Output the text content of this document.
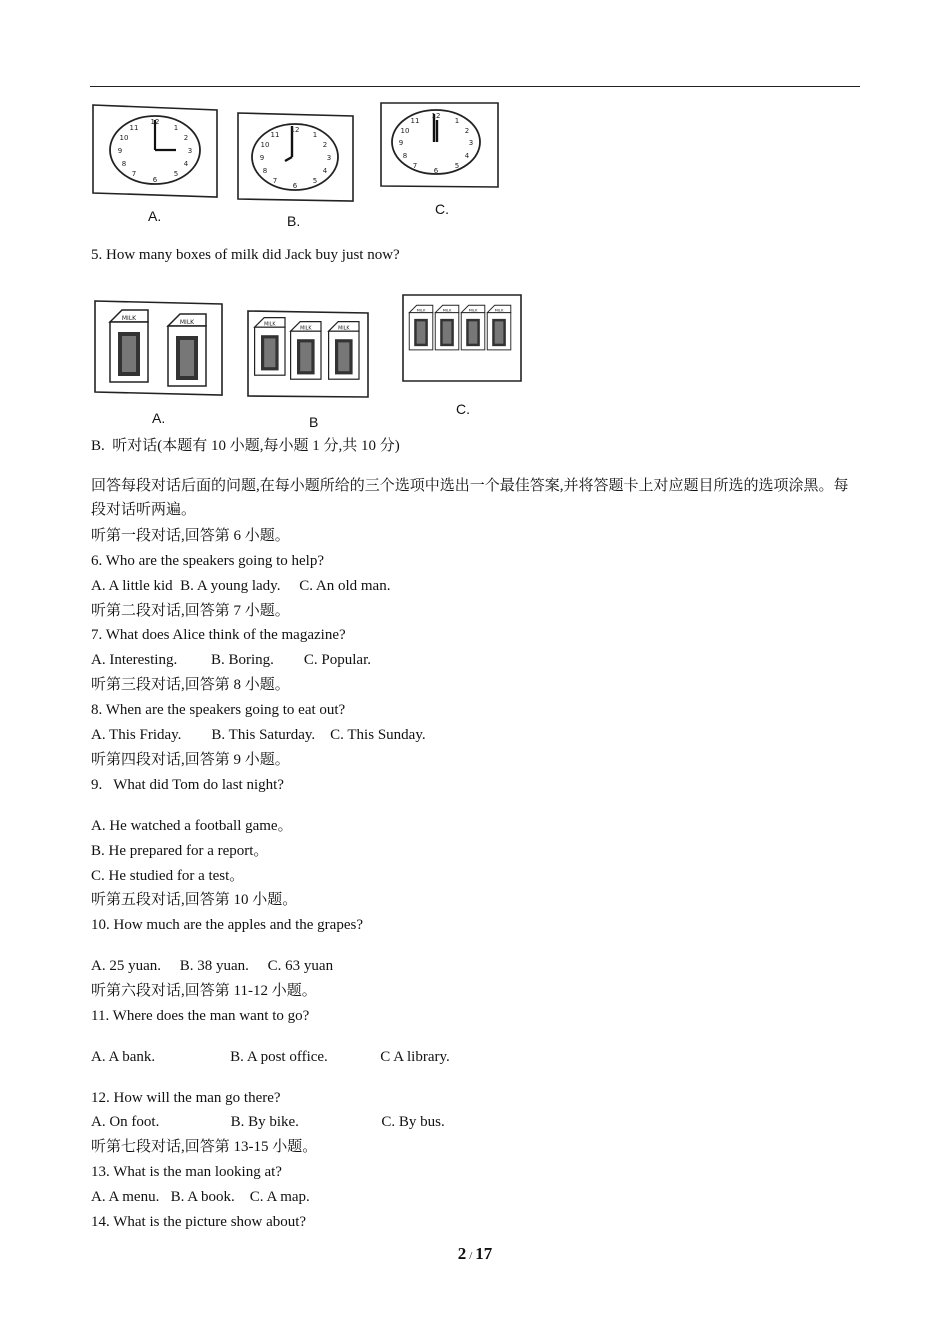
12
1
2
3
4
5
6
7
8
9
10
11	12
1
2
3
4
5
6
7
8
9
10
11
12
1
2
3
4
5
6
7
8
9
10
11
A.	B.
C.
5. How many boxes of milk did Jack buy just now?
MILK
A.	B
C.
B.  听对话(本题有 10 小题,每小题 1 分,共 10 分)
回答每段对话后面的问题,在每小题所给的三个选项中选出一个最佳答案,并将答题卡上对应题目所选的选项涂黑。每段对话听两遍。
听第一段对话,回答第 6 小题。
6. Who are the speakers going to help?
A. A little kid  B. A young lady.     C. An old man.
听第二段对话,回答第 7 小题。
7. What does Alice think of the magazine?
A. Interesting.         B. Boring.        C. Popular.
听第三段对话,回答第 8 小题。
8. When are the speakers going to eat out?
A. This Friday.        B. This Saturday.    C. This Sunday.
听第四段对话,回答第 9 小题。
9.   What did Tom do last night?
A. He watched a football game。
B. He prepared for a report。
C. He studied for a test。
听第五段对话,回答第 10 小题。
10. How much are the apples and the grapes?
A. 25 yuan.     B. 38 yuan.     C. 63 yuan
听第六段对话,回答第 11-12 小题。
11. Where does the man want to go?
A. A bank.                    B. A post office.              C A library.
12. How will the man go there?
A. On foot.                   B. By bike.                      C. By bus.
听第七段对话,回答第 13-15 小题。
13. What is the man looking at?
A. A menu.   B. A book.    C. A map.
14. What is the picture show about?
2 / 17
